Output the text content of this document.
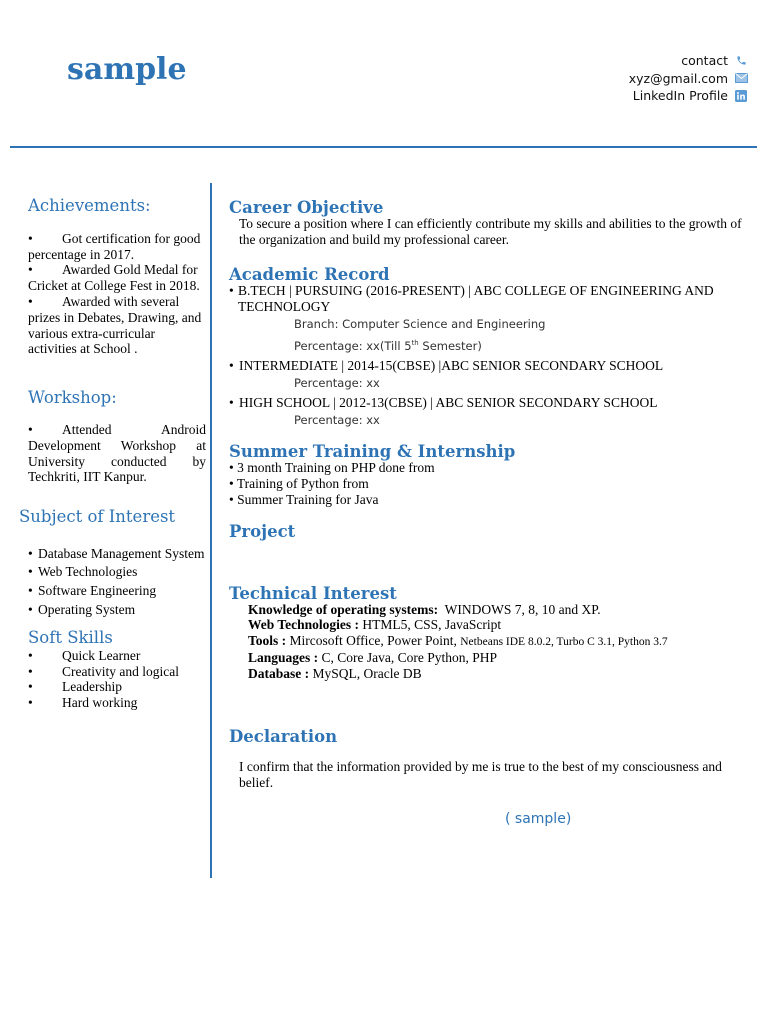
sample	contact
xyz@gmail.com
LinkedIn Profile
Achievements:
• Got certification for good percentage in 2017.
• Awarded Gold Medal for Cricket at College Fest in 2018.
• Awarded with several prizes in Debates, Drawing, and various extra-curricular activities at School .
Workshop:
• Attended Android Development Workshop at University conducted by Techkriti, IIT Kanpur.
Subject of Interest
• Database Management System
• Web Technologies
• Software Engineering
• Operating System
Soft Skills
• Quick Learner
• Creativity and logical
• Leadership
• Hard working
Career Objective
To secure a position where I can efficiently contribute my skills and abilities to the growth of the organization and build my professional career.
Academic Record
• B.TECH | PURSUING (2016-PRESENT) | ABC COLLEGE OF ENGINEERING AND TECHNOLOGY
Branch: Computer Science and Engineering
Percentage: xx(Till 5th Semester)
• INTERMEDIATE | 2014-15(CBSE) |ABC SENIOR SECONDARY SCHOOL
Percentage: xx
• HIGH SCHOOL | 2012-13(CBSE) | ABC SENIOR SECONDARY SCHOOL
Percentage: xx
Summer Training & Internship
• 3 month Training on PHP done from
• Training of Python from
• Summer Training for Java
Project
Technical Interest
Knowledge of operating systems:  WINDOWS 7, 8, 10 and XP.
Web Technologies : HTML5, CSS, JavaScript
Tools : Mircosoft Office, Power Point, Netbeans IDE 8.0.2, Turbo C 3.1, Python 3.7
Languages : C, Core Java, Core Python, PHP
Database : MySQL, Oracle DB
Declaration
I confirm that the information provided by me is true to the best of my consciousness and belief.
( sample)
